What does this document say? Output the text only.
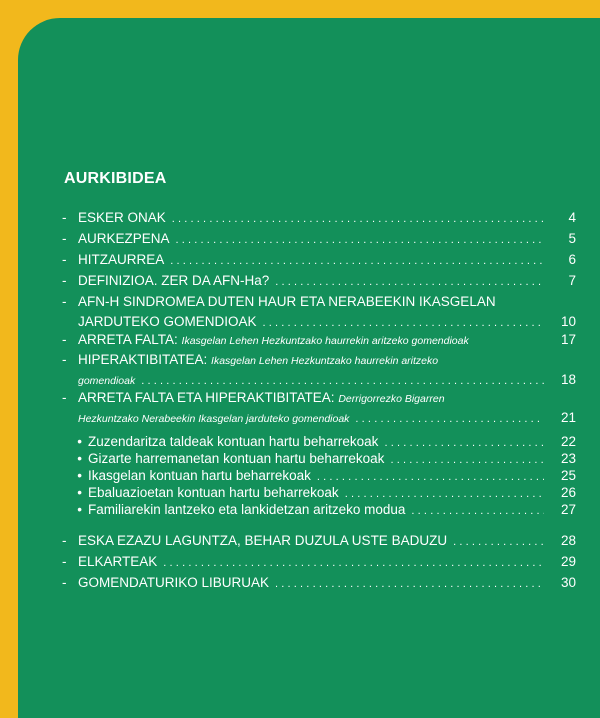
AURKIBIDEA
- ESKER ONAK .....	4
- AURKEZPENA .....	5
- HITZAURREA .....	6
- DEFINIZIOA. ZER DA AFN-Ha? .....	7
- AFN-H SINDROMEA DUTEN HAUR ETA NERABEEKIN IKASGELAN
JARDUTEKO GOMENDIOAK .....	10
- ARRETA FALTA: Ikasgelan Lehen Hezkuntzako haurrekin aritzeko gomendioak	17
- HIPERAKTIBITATEA: Ikasgelan Lehen Hezkuntzako haurrekin aritzeko
gomendioak .....	18
- ARRETA FALTA ETA HIPERAKTIBITATEA: Derrigorrezko Bigarren
Hezkuntzako Nerabeekin Ikasgelan jarduteko gomendioak .....	21
• Zuzendaritza taldeak kontuan hartu beharrekoak .....	22
• Gizarte harremanetan kontuan hartu beharrekoak .....	23
• Ikasgelan kontuan hartu beharrekoak .....	25
• Ebaluazioetan kontuan hartu beharrekoak .....	26
• Familiarekin lantzeko eta lankidetzan aritzeko modua .....	27
- ESKA EZAZU LAGUNTZA, BEHAR DUZULA USTE BADUZU .....	28
- ELKARTEAK .....	29
- GOMENDATURIKO LIBURUAK .....	30
